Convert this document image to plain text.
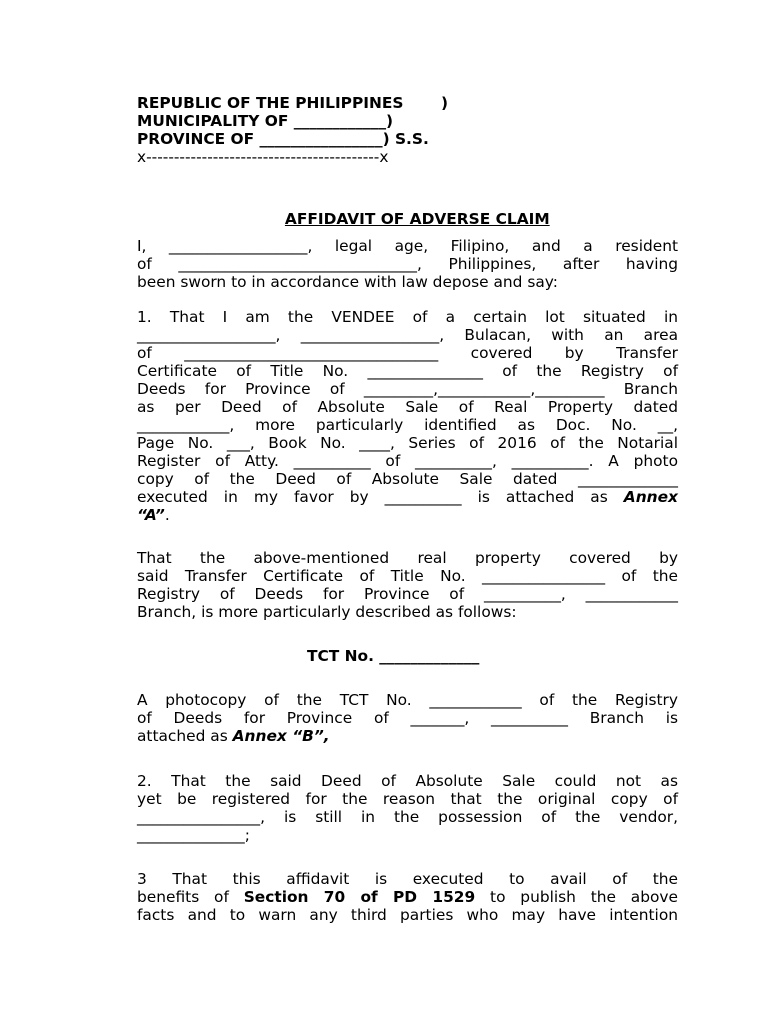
REPUBLIC OF THE PHILIPPINES       )
MUNICIPALITY OF ____________)
PROVINCE OF ________________) S.S.
x------------------------------------------x

AFFIDAVIT OF ADVERSE CLAIM

I, __________________, legal age, Filipino, and a resident
of _______________________________, Philippines, after having
been sworn to in accordance with law depose and say:
1. That I am the VENDEE of a certain lot situated in
__________________, __________________, Bulacan, with an area
of _________________________________ covered by Transfer
Certificate of Title No. _______________ of the Registry of
Deeds for Province of _________,____________,_________ Branch
as per Deed of Absolute Sale of Real Property dated
____________, more particularly identified as Doc. No. __,
Page No. ___, Book No. ____, Series of 2016 of the Notarial
Register of Atty. __________ of __________, __________. A photo
copy of the Deed of Absolute Sale dated _____________
executed in my favor by __________ is attached as Annex
“A”.
That the above-mentioned real property covered by
said Transfer Certificate of Title No. ________________ of the
Registry of Deeds for Province of __________, ____________
Branch, is more particularly described as follows:
TCT No. _____________
A photocopy of the TCT No. ____________ of the Registry
of Deeds for Province of _______, __________ Branch is
attached as Annex “B”,
2. That the said Deed of Absolute Sale could not as
yet be registered for the reason that the original copy of
________________, is still in the possession of the vendor,
______________;
3 That this affidavit is executed to avail of the
benefits of Section 70 of PD 1529 to publish the above
facts and to warn any third parties who may have intention
